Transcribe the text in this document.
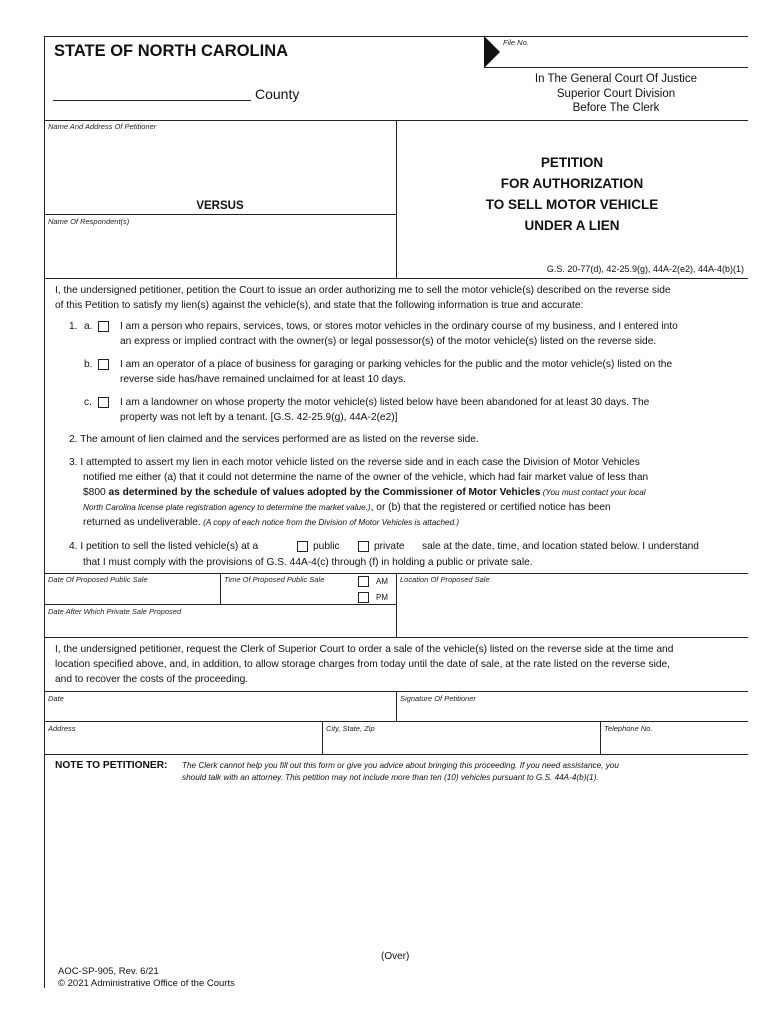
STATE OF NORTH CAROLINA
County
File No.
In The General Court Of Justice
Superior Court Division
Before The Clerk
Name And Address Of Petitioner
VERSUS
Name Of Respondent(s)
PETITION
FOR AUTHORIZATION
TO SELL MOTOR VEHICLE
UNDER A LIEN
G.S. 20-77(d), 42-25.9(g), 44A-2(e2), 44A-4(b)(1)
I, the undersigned petitioner, petition the Court to issue an order authorizing me to sell the motor vehicle(s) described on the reverse side
of this Petition to satisfy my lien(s) against the vehicle(s), and state that the following information is true and accurate:
1. a.	I am a person who repairs, services, tows, or stores motor vehicles in the ordinary course of my business, and I entered into
an express or implied contract with the owner(s) or legal possessor(s) of the motor vehicle(s) listed on the reverse side.
b.	I am an operator of a place of business for garaging or parking vehicles for the public and the motor vehicle(s) listed on the
reverse side has/have remained unclaimed for at least 10 days.
c.	I am a landowner on whose property the motor vehicle(s) listed below have been abandoned for at least 30 days. The
property was not left by a tenant. [G.S. 42-25.9(g), 44A-2(e2)]
2. The amount of lien claimed and the services performed are as listed on the reverse side.
3. I attempted to assert my lien in each motor vehicle listed on the reverse side and in each case the Division of Motor Vehicles
notified me either (a) that it could not determine the name of the owner of the vehicle, which had fair market value of less than
$800 as determined by the schedule of values adopted by the Commissioner of Motor Vehicles (You must contact your local
North Carolina license plate registration agency to determine the market value.), or (b) that the registered or certified notice has been
returned as undeliverable. (A copy of each notice from the Division of Motor Vehicles is attached.)
4. I petition to sell the listed vehicle(s) at a	public	private sale at the date, time, and location stated below. I understand
that I must comply with the provisions of G.S. 44A-4(c) through (f) in holding a public or private sale.
Date Of Proposed Public Sale	Time Of Proposed Public Sale	AM
PM
Location Of Proposed Sale
Date After Which Private Sale Proposed
I, the undersigned petitioner, request the Clerk of Superior Court to order a sale of the vehicle(s) listed on the reverse side at the time and
location specified above, and, in addition, to allow storage charges from today until the date of sale, at the rate listed on the reverse side,
and to recover the costs of the proceeding.
Date	Signature Of Petitioner
Address	City, State, Zip	Telephone No.
NOTE TO PETITIONER: The Clerk cannot help you fill out this form or give you advice about bringing this proceeding. If you need assistance, you
should talk with an attorney. This petition may not include more than ten (10) vehicles pursuant to G.S. 44A-4(b)(1).
(Over)
AOC-SP-905, Rev. 6/21
© 2021 Administrative Office of the Courts
